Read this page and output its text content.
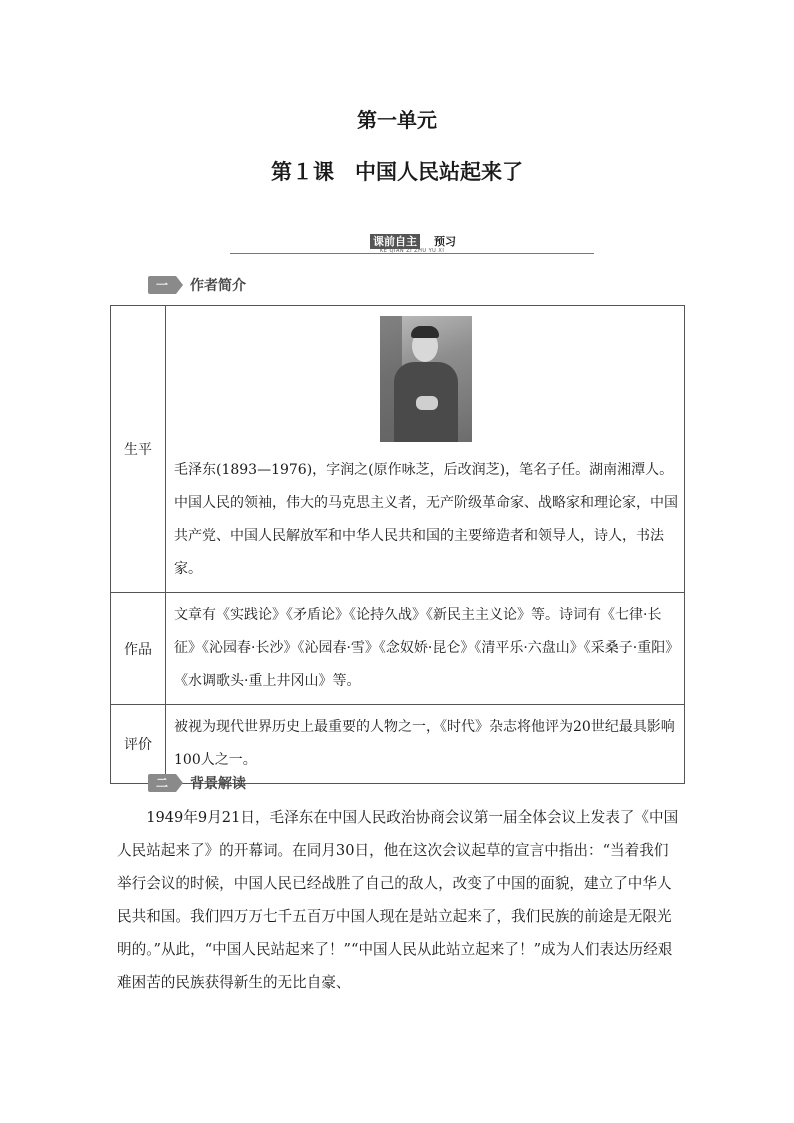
第一单元
第１课　中国人民站起来了
课前自主 预习
KE QIAN ZI ZHU YU XI
一	作者简介
生平	毛泽东(1893—1976)，字润之(原作咏芝，后改润芝)，笔名子任。湖南湘潭人。中国人民的领袖，伟大的马克思主义者，无产阶级革命家、战略家和理论家，中国共产党、中国人民解放军和中华人民共和国的主要缔造者和领导人，诗人，书法家。

作品	文章有《实践论》《矛盾论》《论持久战》《新民主主义论》等。诗词有《七律·长征》《沁园春·长沙》《沁园春·雪》《念奴娇·昆仑》《清平乐·六盘山》《采桑子·重阳》《水调歌头·重上井冈山》等。
评价	被视为现代世界历史上最重要的人物之一，《时代》杂志将他评为20世纪最具影响100人之一。
二	背景解读
1949年9月21日，毛泽东在中国人民政治协商会议第一届全体会议上发表了《中国人民站起来了》的开幕词。在同月30日，他在这次会议起草的宣言中指出：“当着我们举行会议的时候，中国人民已经战胜了自己的敌人，改变了中国的面貌，建立了中华人民共和国。我们四万万七千五百万中国人现在是站立起来了，我们民族的前途是无限光明的。”从此，“中国人民站起来了！”“中国人民从此站立起来了！”成为人们表达历经艰难困苦的民族获得新生的无比自豪、
